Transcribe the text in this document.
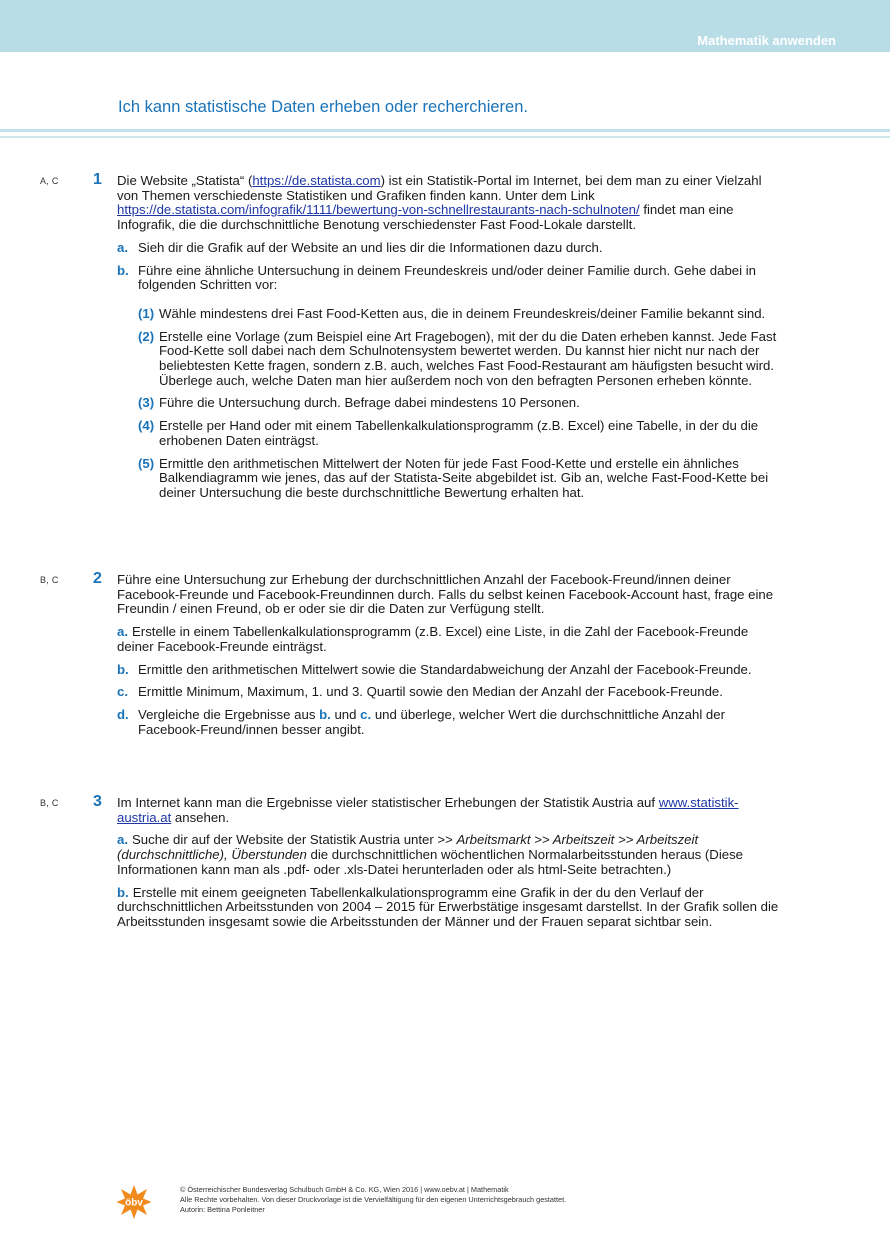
Mathematik anwenden
Ich kann statistische Daten erheben oder recherchieren.
A, C	1 Die Website „Statista“ (https://de.statista.com) ist ein Statistik-Portal im Internet, bei dem man zu einer Vielzahl von Themen verschiedenste Statistiken und Grafiken finden kann. Unter dem Link https://de.statista.com/infografik/1111/bewertung-von-schnellrestaurants-nach-schulnoten/ findet man eine Infografik, die die durchschnittliche Benotung verschiedenster Fast Food-Lokale darstellt.

a. Sieh dir die Grafik auf der Website an und lies dir die Informationen dazu durch.
b. Führe eine ähnliche Untersuchung in deinem Freundeskreis und/oder deiner Familie durch. Gehe dabei in folgenden Schritten vor:
(1) Wähle mindestens drei Fast Food-Ketten aus, die in deinem Freundeskreis/deiner Familie bekannt sind.
(2) Erstelle eine Vorlage (zum Beispiel eine Art Fragebogen), mit der du die Daten erheben kannst. Jede Fast Food-Kette soll dabei nach dem Schulnotensystem bewertet werden. Du kannst hier nicht nur nach der beliebtesten Kette fragen, sondern z.B. auch, welches Fast Food-Restaurant am häufigsten besucht wird. Überlege auch, welche Daten man hier außerdem noch von den befragten Personen erheben könnte.
(3) Führe die Untersuchung durch. Befrage dabei mindestens 10 Personen.
(4) Erstelle per Hand oder mit einem Tabellenkalkulationsprogramm (z.B. Excel) eine Tabelle, in der du die erhobenen Daten einträgst.
(5) Ermittle den arithmetischen Mittelwert der Noten für jede Fast Food-Kette und erstelle ein ähnliches Balkendiagramm wie jenes, das auf der Statista-Seite abgebildet ist. Gib an, welche Fast-Food-Kette bei deiner Untersuchung die beste durchschnittliche Bewertung erhalten hat.
B, C	2 Führe eine Untersuchung zur Erhebung der durchschnittlichen Anzahl der Facebook-Freund/innen deiner Facebook-Freunde und Facebook-Freundinnen durch. Falls du selbst keinen Facebook-Account hast, frage eine Freundin / einen Freund, ob er oder sie dir die Daten zur Verfügung stellt.

a. Erstelle in einem Tabellenkalkulationsprogramm (z.B. Excel) eine Liste, in die Zahl der Facebook-Freunde deiner Facebook-Freunde einträgst.
b. Ermittle den arithmetischen Mittelwert sowie die Standardabweichung der Anzahl der Facebook-Freunde.
c. Ermittle Minimum, Maximum, 1. und 3. Quartil sowie den Median der Anzahl der Facebook-Freunde.
d. Vergleiche die Ergebnisse aus b. und c. und überlege, welcher Wert die durchschnittliche Anzahl der Facebook-Freund/innen besser angibt.
B, C	3 Im Internet kann man die Ergebnisse vieler statistischer Erhebungen der Statistik Austria auf www.statistik-austria.at ansehen.

a. Suche dir auf der Website der Statistik Austria unter >> Arbeitsmarkt >> Arbeitszeit >> Arbeitszeit (durchschnittliche), Überstunden die durchschnittlichen wöchentlichen Normalarbeitsstunden heraus (Diese Informationen kann man als .pdf- oder .xls-Datei herunterladen oder als html-Seite betrachten.)
b. Erstelle mit einem geeigneten Tabellenkalkulationsprogramm eine Grafik in der du den Verlauf der durchschnittlichen Arbeitsstunden von 2004 – 2015 für Erwerbstätige insgesamt darstellst. In der Grafik sollen die Arbeitsstunden insgesamt sowie die Arbeitsstunden der Männer und der Frauen separat sichtbar sein.
öbv
© Österreichischer Bundesverlag Schulbuch GmbH & Co. KG, Wien 2016 | www.oebv.at | Mathematik
Alle Rechte vorbehalten. Von dieser Druckvorlage ist die Vervielfältigung für den eigenen Unterrichtsgebrauch gestattet.
Autorin: Bettina Ponleitner
